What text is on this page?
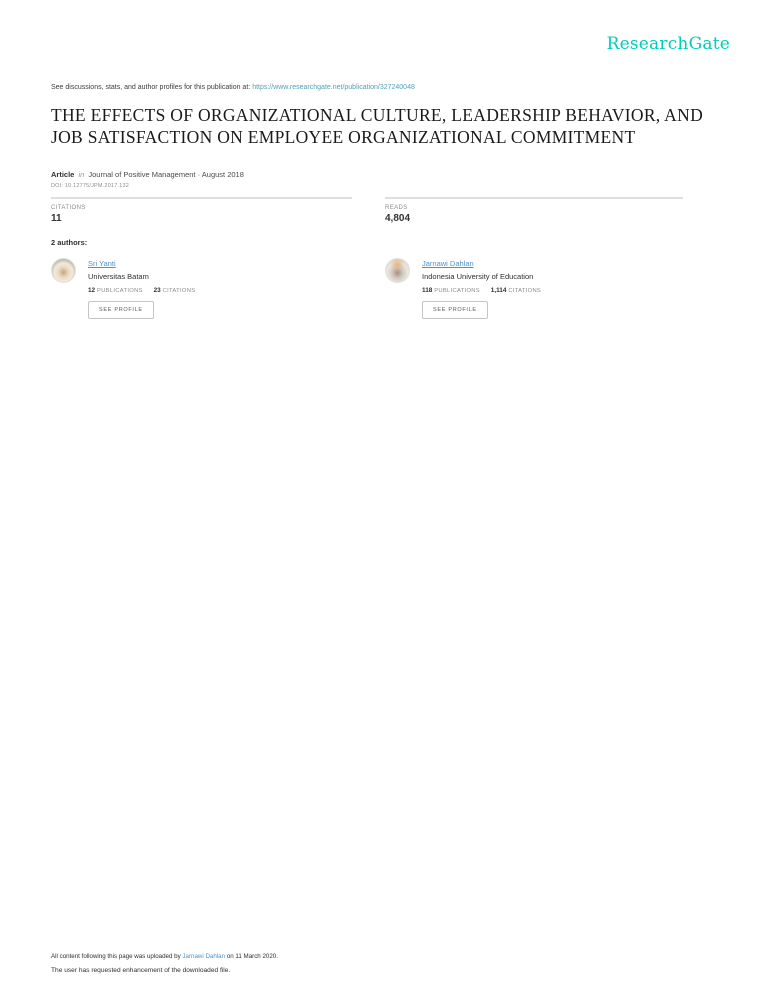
ResearchGate
See discussions, stats, and author profiles for this publication at: https://www.researchgate.net/publication/327240048
THE EFFECTS OF ORGANIZATIONAL CULTURE, LEADERSHIP BEHAVIOR, AND
JOB SATISFACTION ON EMPLOYEE ORGANIZATIONAL COMMITMENT
Article in Journal of Positive Management · August 2018
DOI: 10.12775/JPM.2017.132
CITATIONS
11
READS
4,804
2 authors:
Sri Yanti
Universitas Batam
12 PUBLICATIONS 23 CITATIONS
SEE PROFILE
Jarnawi Dahlan
Indonesia University of Education
118 PUBLICATIONS 1,114 CITATIONS
SEE PROFILE
All content following this page was uploaded by Jarnawi Dahlan on 11 March 2020.
The user has requested enhancement of the downloaded file.
